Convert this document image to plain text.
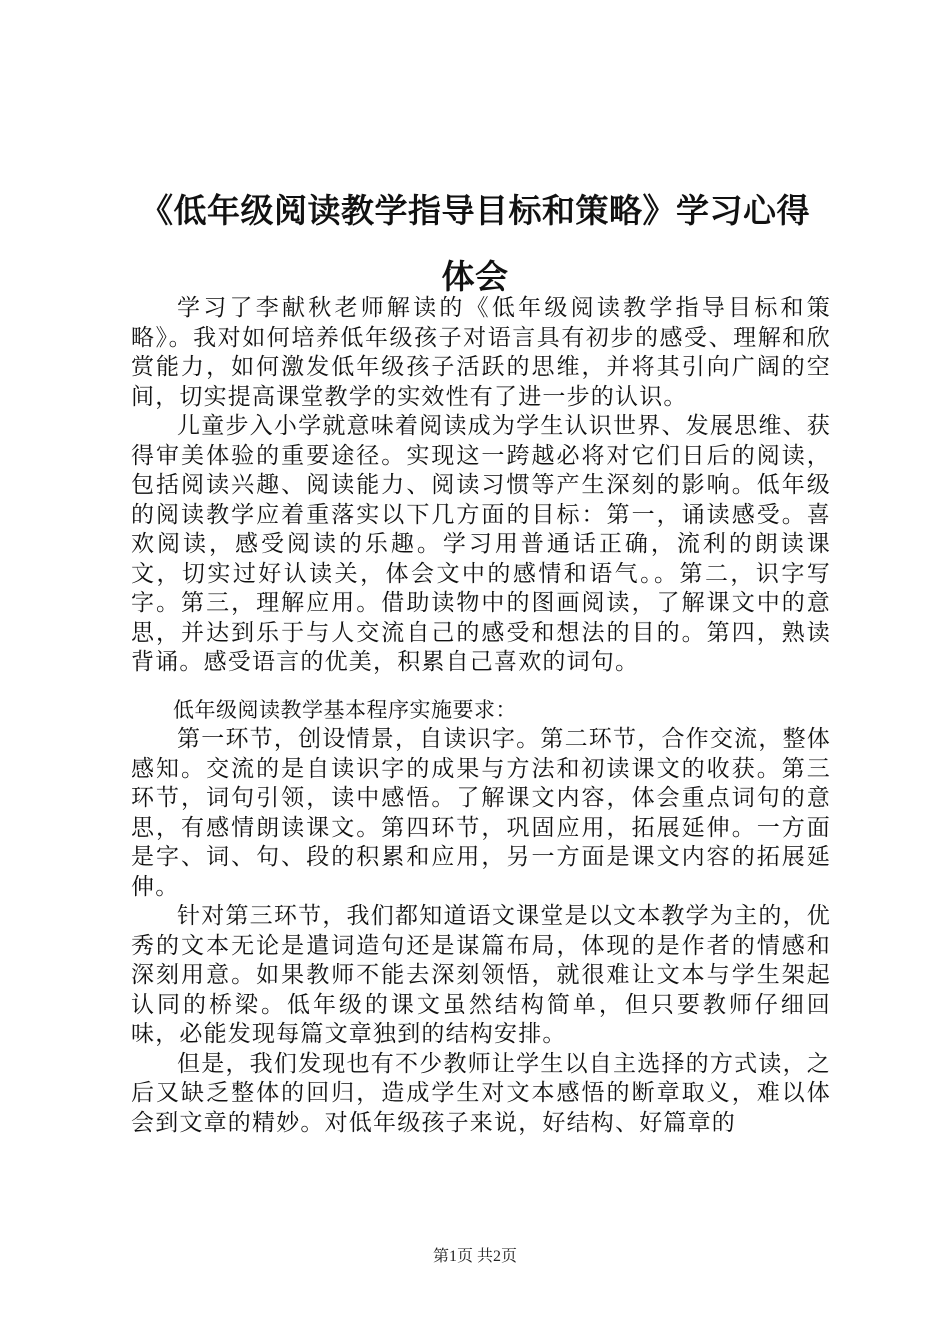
《低年级阅读教学指导目标和策略》学习心得
体会

学习了李献秋老师解读的《低年级阅读教学指导目标和策略》。我对如何培养低年级孩子对语言具有初步的感受、理解和欣赏能力，如何激发低年级孩子活跃的思维，并将其引向广阔的空间，切实提高课堂教学的实效性有了进一步的认识。

儿童步入小学就意味着阅读成为学生认识世界、发展思维、获得审美体验的重要途径。实现这一跨越必将对它们日后的阅读，包括阅读兴趣、阅读能力、阅读习惯等产生深刻的影响。低年级的阅读教学应着重落实以下几方面的目标：第一，诵读感受。喜欢阅读，感受阅读的乐趣。学习用普通话正确，流利的朗读课文，切实过好认读关，体会文中的感情和语气。。第二，识字写字。第三，理解应用。借助读物中的图画阅读，了解课文中的意思，并达到乐于与人交流自己的感受和想法的目的。第四，熟读背诵。感受语言的优美，积累自己喜欢的词句。

低年级阅读教学基本程序实施要求：

第一环节，创设情景，自读识字。第二环节，合作交流，整体感知。交流的是自读识字的成果与方法和初读课文的收获。第三环节，词句引领，读中感悟。了解课文内容，体会重点词句的意思，有感情朗读课文。第四环节，巩固应用，拓展延伸。一方面是字、词、句、段的积累和应用，另一方面是课文内容的拓展延伸。

针对第三环节，我们都知道语文课堂是以文本教学为主的，优秀的文本无论是遣词造句还是谋篇布局，体现的是作者的情感和深刻用意。如果教师不能去深刻领悟，就很难让文本与学生架起认同的桥梁。低年级的课文虽然结构简单，但只要教师仔细回味，必能发现每篇文章独到的结构安排。

但是，我们发现也有不少教师让学生以自主选择的方式读，之后又缺乏整体的回归，造成学生对文本感悟的断章取义，难以体会到文章的精妙。对低年级孩子来说，好结构、好篇章的

第1页 共2页
